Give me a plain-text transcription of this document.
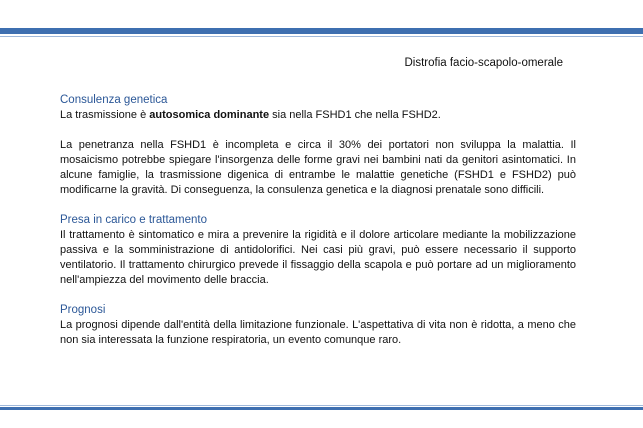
Distrofia facio-scapolo-omerale
Consulenza genetica

La trasmissione è autosomica dominante sia nella FSHD1 che nella FSHD2.

La penetranza nella FSHD1 è incompleta e circa il 30% dei portatori non sviluppa la malattia. Il mosaicismo potrebbe spiegare l'insorgenza delle forme gravi nei bambini nati da genitori asintomatici. In alcune famiglie, la trasmissione digenica di entrambe le malattie genetiche (FSHD1 e FSHD2) può modificarne la gravità. Di conseguenza, la consulenza genetica e la diagnosi prenatale sono difficili.

Presa in carico e trattamento

Il trattamento è sintomatico e mira a prevenire la rigidità e il dolore articolare mediante la mobilizzazione passiva e la somministrazione di antidolorifici. Nei casi più gravi, può essere necessario il supporto ventilatorio. Il trattamento chirurgico prevede il fissaggio della scapola e può portare ad un miglioramento nell'ampiezza del movimento delle braccia.

Prognosi

La prognosi dipende dall'entità della limitazione funzionale. L'aspettativa di vita non è ridotta, a meno che non sia interessata la funzione respiratoria, un evento comunque raro.
